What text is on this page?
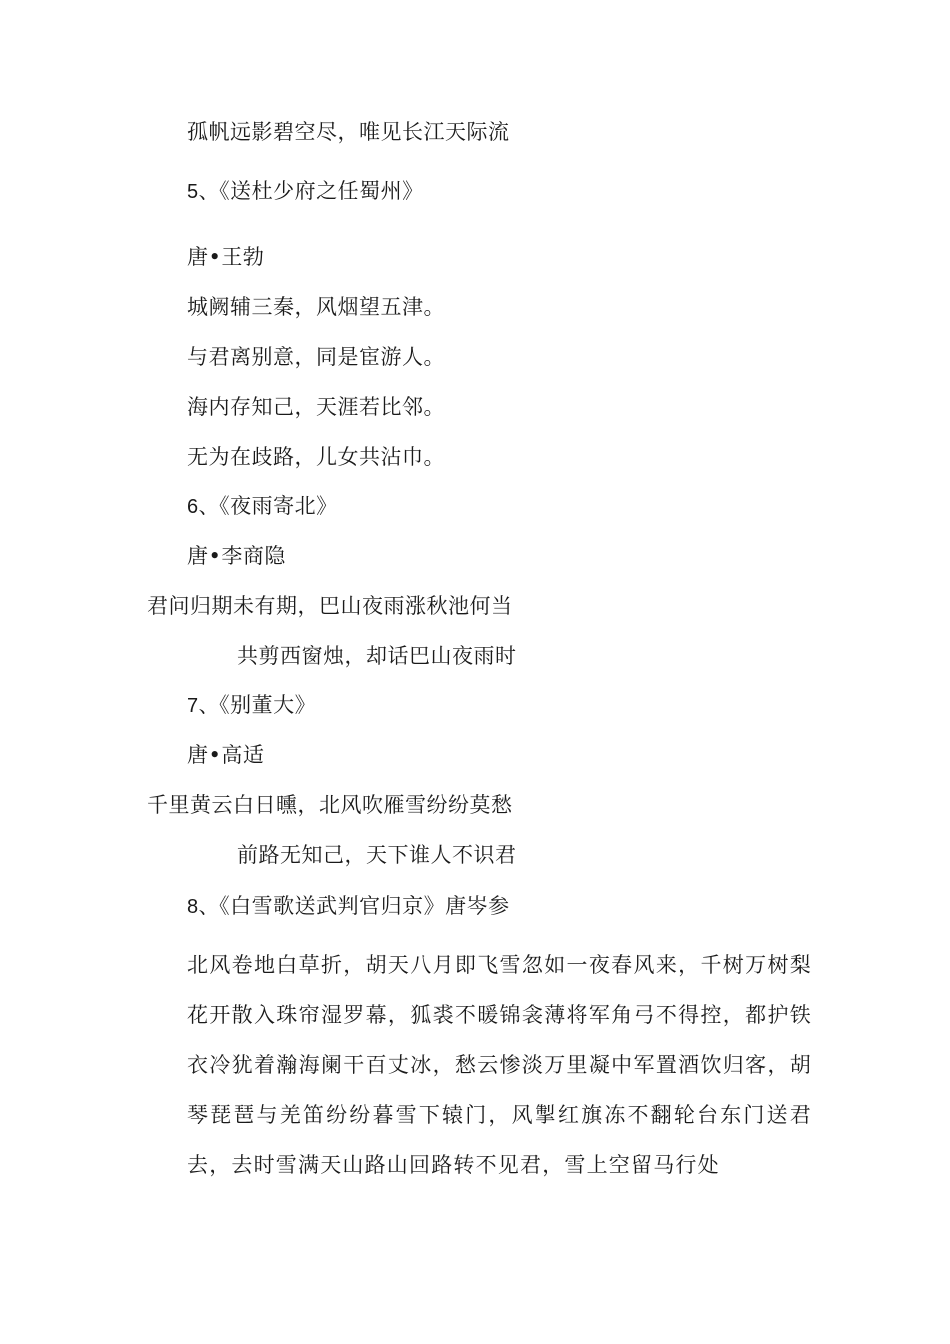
孤帆远影碧空尽，唯见长江天际流
5、《送杜少府之任蜀州》
唐•王勃
城阙辅三秦，风烟望五津。
与君离别意，同是宦游人。
海内存知己，天涯若比邻。
无为在歧路，儿女共沾巾。
6、《夜雨寄北》
唐•李商隐
君问归期未有期，巴山夜雨涨秋池何当
共剪西窗烛，却话巴山夜雨时
7、《别董大》
唐•高适
千里黄云白日曛，北风吹雁雪纷纷莫愁
前路无知己，天下谁人不识君
8、《白雪歌送武判官归京》唐岑参
北风卷地白草折，胡天八月即飞雪忽如一夜春风来，千树万树梨花开散入珠帘湿罗幕，狐裘不暖锦衾薄将军角弓不得控，都护铁衣冷犹着瀚海阑干百丈冰，愁云惨淡万里凝中军置酒饮归客，胡琴琵琶与羌笛纷纷暮雪下辕门，风掣红旗冻不翻轮台东门送君去，去时雪满天山路山回路转不见君，雪上空留马行处
